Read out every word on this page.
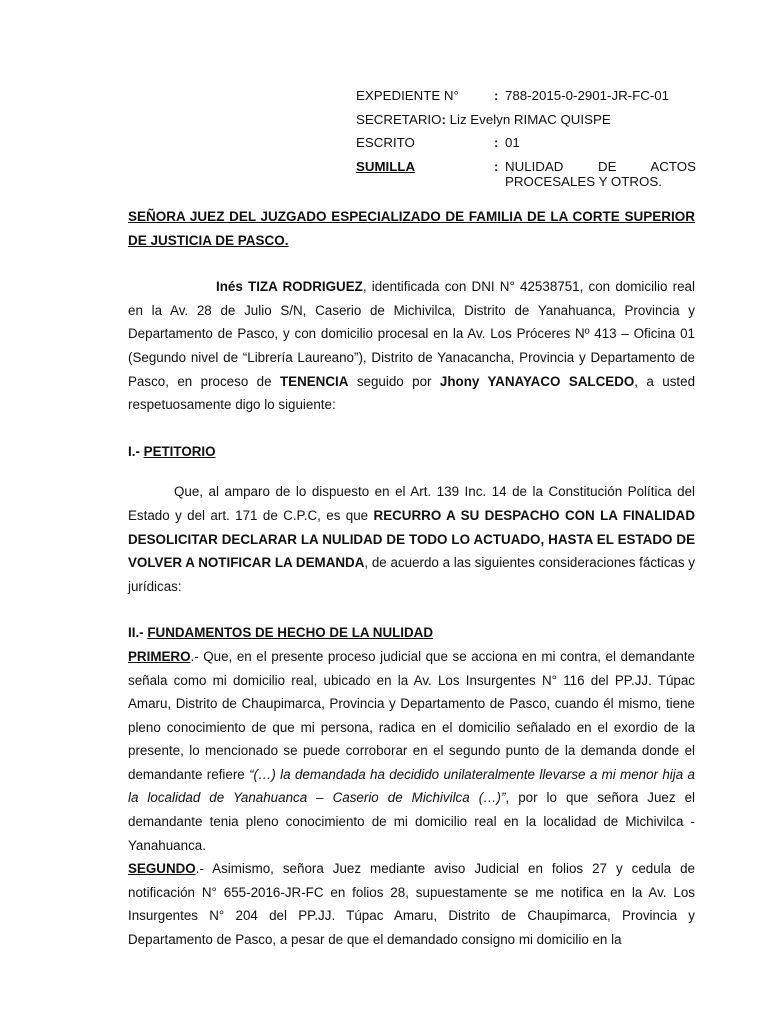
EXPEDIENTE N°	: 788-2015-0-2901-JR-FC-01
SECRETARIO :
Liz Evelyn RIMAC QUISPE
ESCRITO	: 01
SUMILLA	: NULIDAD DE ACTOS
PROCESALES Y OTROS.

SEÑORA JUEZ DEL JUZGADO ESPECIALIZADO DE FAMILIA DE LA CORTE SUPERIOR DE JUSTICIA DE PASCO.

Inés TIZA RODRIGUEZ, identificada con DNI N° 42538751, con domicilio real en la Av. 28 de Julio S/N, Caserio de Michivilca, Distrito de Yanahuanca, Provincia y Departamento de Pasco, y con domicilio procesal en la Av. Los Próceres Nº 413 – Oficina 01 (Segundo nivel de “Librería Laureano”), Distrito de Yanacancha, Provincia y Departamento de Pasco, en proceso de TENENCIA seguido por Jhony YANAYACO SALCEDO, a usted respetuosamente digo lo siguiente:

I.- PETITORIO

Que, al amparo de lo dispuesto en el Art. 139 Inc. 14 de la Constitución Política del Estado y del art. 171 de C.P.C, es que RECURRO A SU DESPACHO CON LA FINALIDAD DESOLICITAR DECLARAR LA NULIDAD DE TODO LO ACTUADO, HASTA EL ESTADO DE VOLVER A NOTIFICAR LA DEMANDA, de acuerdo a las siguientes consideraciones fácticas y jurídicas:

II.- FUNDAMENTOS DE HECHO DE LA NULIDAD

PRIMERO.- Que, en el presente proceso judicial que se acciona en mi contra, el demandante señala como mi domicilio real, ubicado en la Av. Los Insurgentes N° 116 del PP.JJ. Túpac Amaru, Distrito de Chaupimarca, Provincia y Departamento de Pasco, cuando él mismo, tiene pleno conocimiento de que mi persona, radica en el domicilio señalado en el exordio de la presente, lo mencionado se puede corroborar en el segundo punto de la demanda donde el demandante refiere “(…) la demandada ha decidido unilateralmente llevarse a mi menor hija a la localidad de Yanahuanca – Caserio de Michivilca (…)”, por lo que señora Juez el demandante tenia pleno conocimiento de mi domicilio real en la localidad de Michivilca - Yanahuanca.

SEGUNDO.- Asimismo, señora Juez mediante aviso Judicial en folios 27 y cedula de notificación N° 655-2016-JR-FC en folios 28, supuestamente se me notifica en la Av. Los Insurgentes N° 204 del PP.JJ. Túpac Amaru, Distrito de Chaupimarca, Provincia y Departamento de Pasco, a pesar de que el demandado consigno mi domicilio en la
